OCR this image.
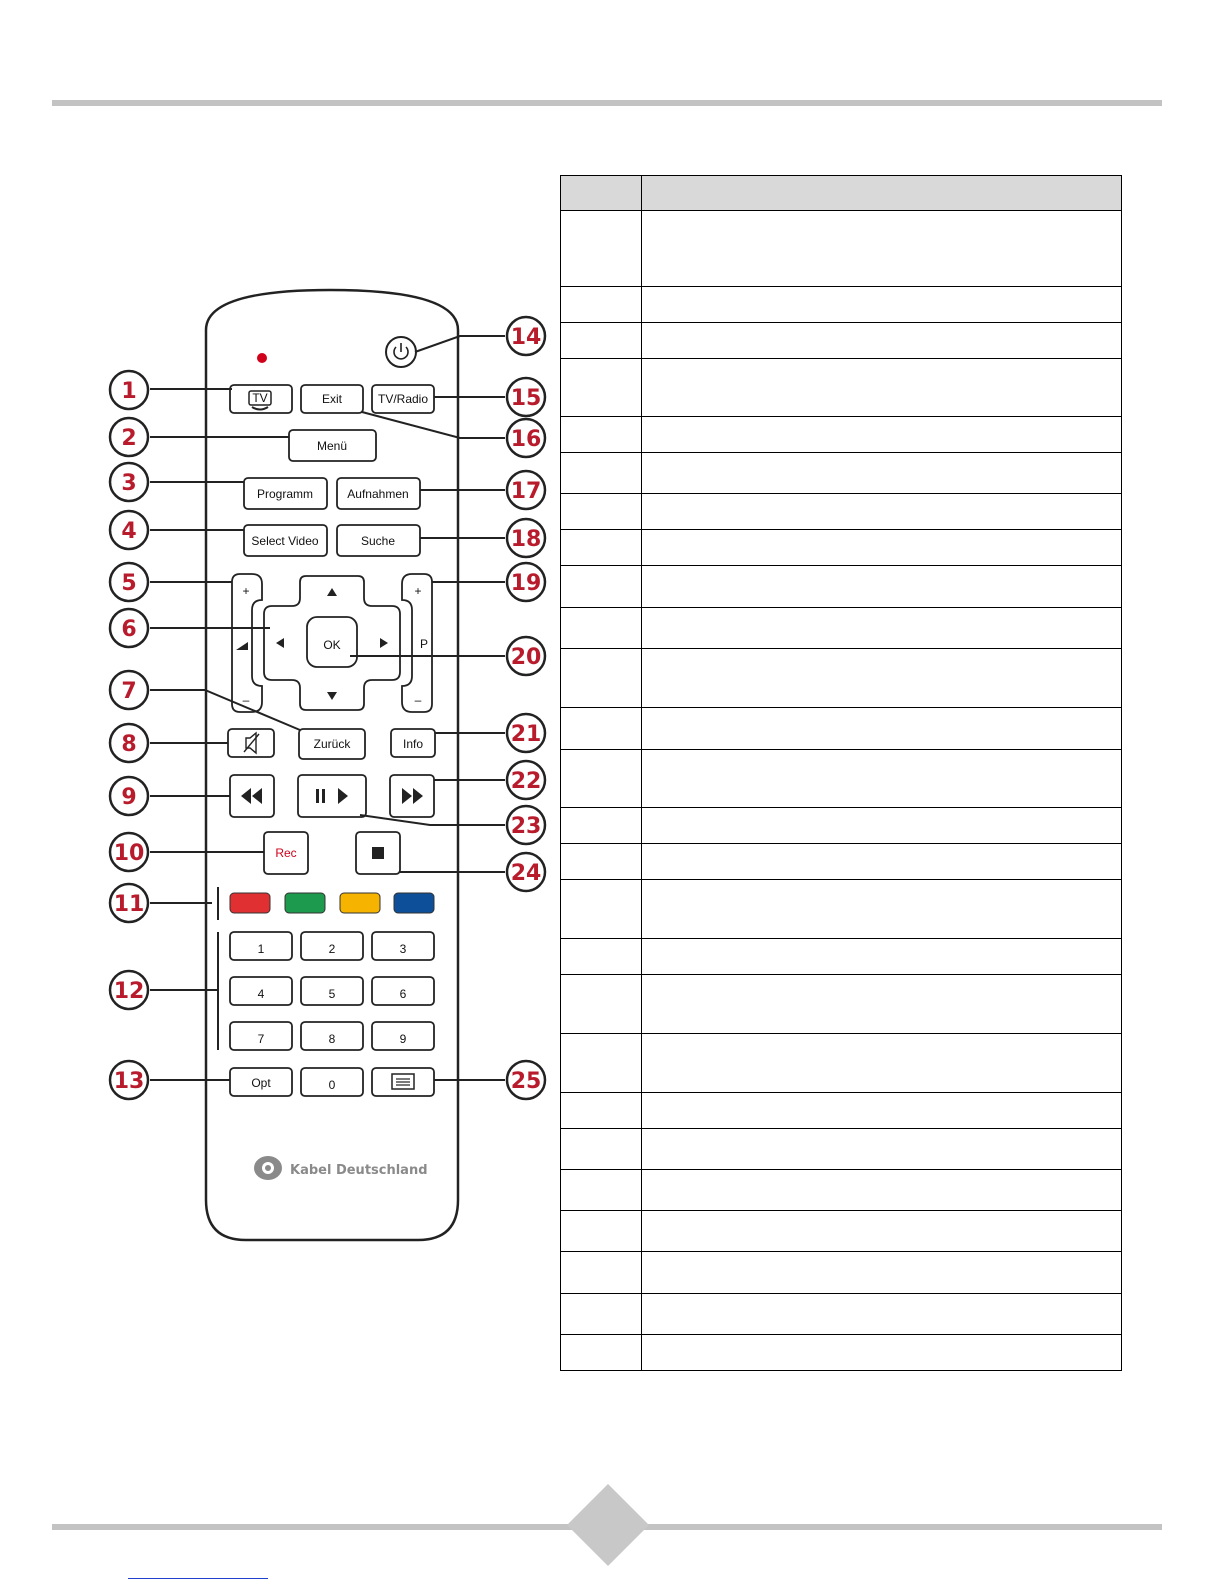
TV	Exit	TV/Radio
Menü
Programm	Aufnahmen
Select Video	Suche
+
–
+
P
–
OK
Zurück	Info
Rec
1	2	3
4	5	6
7	8	9
Opt	0
Kabel Deutschland
1
2
3
4
5
6
7
8
9
10
11
12
13
14
15
16
17
18
19
20
21
22
23
24
25
